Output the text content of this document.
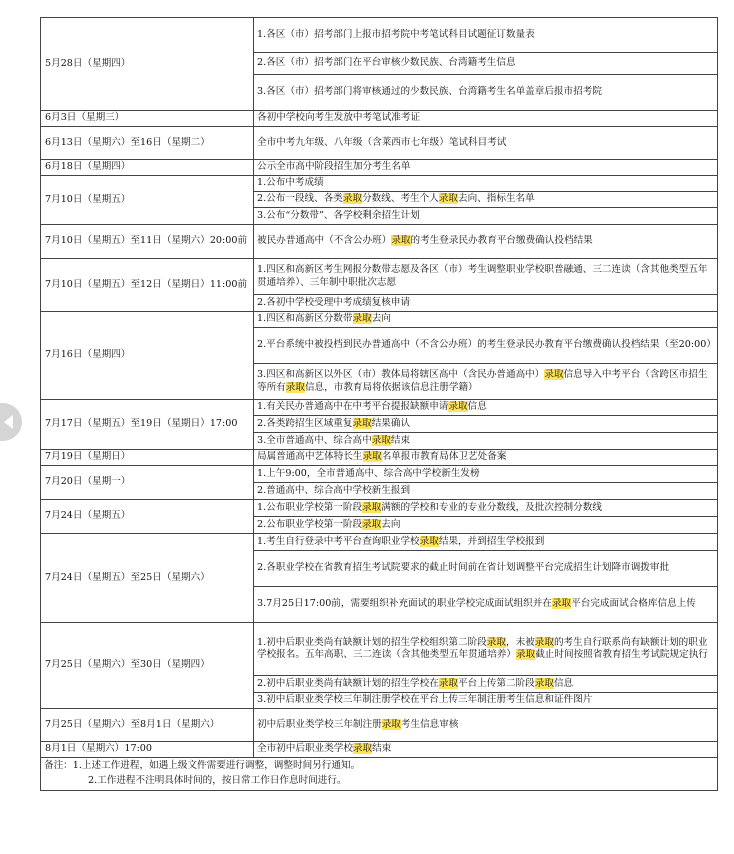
5月28日（星期四）	1.各区（市）招考部门上报市招考院中考笔试科目试题征订数量表
2.各区（市）招考部门在平台审核少数民族、台湾籍考生信息
3.各区（市）招考部门将审核通过的少数民族、台湾籍考生名单盖章后报市招考院

6月3日（星期三）	各初中学校向考生发放中考笔试准考证

6月13日（星期六）至16日（星期二）	全市中考九年级、八年级（含莱西市七年级）笔试科目考试

6月18日（星期四）	公示全市高中阶段招生加分考生名单

7月10日（星期五）	1.公布中考成绩
2.公布一段线、各类录取分数线、考生个人录取去向、指标生名单
3.公布“分数带”、各学校剩余招生计划

7月10日（星期五）至11日（星期六）20:00前	被民办普通高中（不含公办班）录取的考生登录民办教育平台缴费确认投档结果

7月10日（星期五）至12日（星期日）11:00前	1.四区和高新区考生网报分数带志愿及各区（市）考生调整职业学校职普融通、三二连读（含其他类型五年贯通培养）、三年制中职批次志愿
2.各初中学校受理中考成绩复核申请

7月16日（星期四）	1.四区和高新区分数带录取去向
2.平台系统中被投档到民办普通高中（不含公办班）的考生登录民办教育平台缴费确认投档结果（至20:00）
3.四区和高新区以外区（市）教体局将辖区高中（含民办普通高中）录取信息导入中考平台（含跨区市招生等所有录取信息，市教育局将依据该信息注册学籍）

7月17日（星期五）至19日（星期日）17:00	1.有关民办普通高中在中考平台提报缺额申请录取信息
2.各类跨招生区域重复录取结果确认
3.全市普通高中、综合高中录取结束

7月19日（星期日）	局属普通高中艺体特长生录取名单报市教育局体卫艺处备案

7月20日（星期一）	1.上午9:00，全市普通高中、综合高中学校新生发榜
2.普通高中、综合高中学校新生报到

7月24日（星期五）	1.公布职业学校第一阶段录取满额的学校和专业的专业分数线，及批次控制分数线
2.公布职业学校第一阶段录取去向

7月24日（星期五）至25日（星期六）	1.考生自行登录中考平台查询职业学校录取结果，并到招生学校报到
2.各职业学校在省教育招生考试院要求的截止时间前在省计划调整平台完成招生计划降市调拨审批
3.7月25日17:00前，需要组织补充面试的职业学校完成面试组织并在录取平台完成面试合格库信息上传

7月25日（星期六）至30日（星期四）	1.初中后职业类尚有缺额计划的招生学校组织第二阶段录取，未被录取的考生自行联系尚有缺额计划的职业学校报名。五年高职、三二连读（含其他类型五年贯通培养）录取截止时间按照省教育招生考试院规定执行
2.初中后职业类尚有缺额计划的招生学校在录取平台上传第二阶段录取信息
3.初中后职业类学校三年制注册学校在平台上传三年制注册考生信息和证件图片

7月25日（星期六）至8月1日（星期六）	初中后职业类学校三年制注册录取考生信息审核

8月1日（星期六）17:00	全市初中后职业类学校录取结束

备注：1.上述工作进程，如遇上级文件需要进行调整，调整时间另行通知。
2.工作进程不注明具体时间的，按日常工作日作息时间进行。	
